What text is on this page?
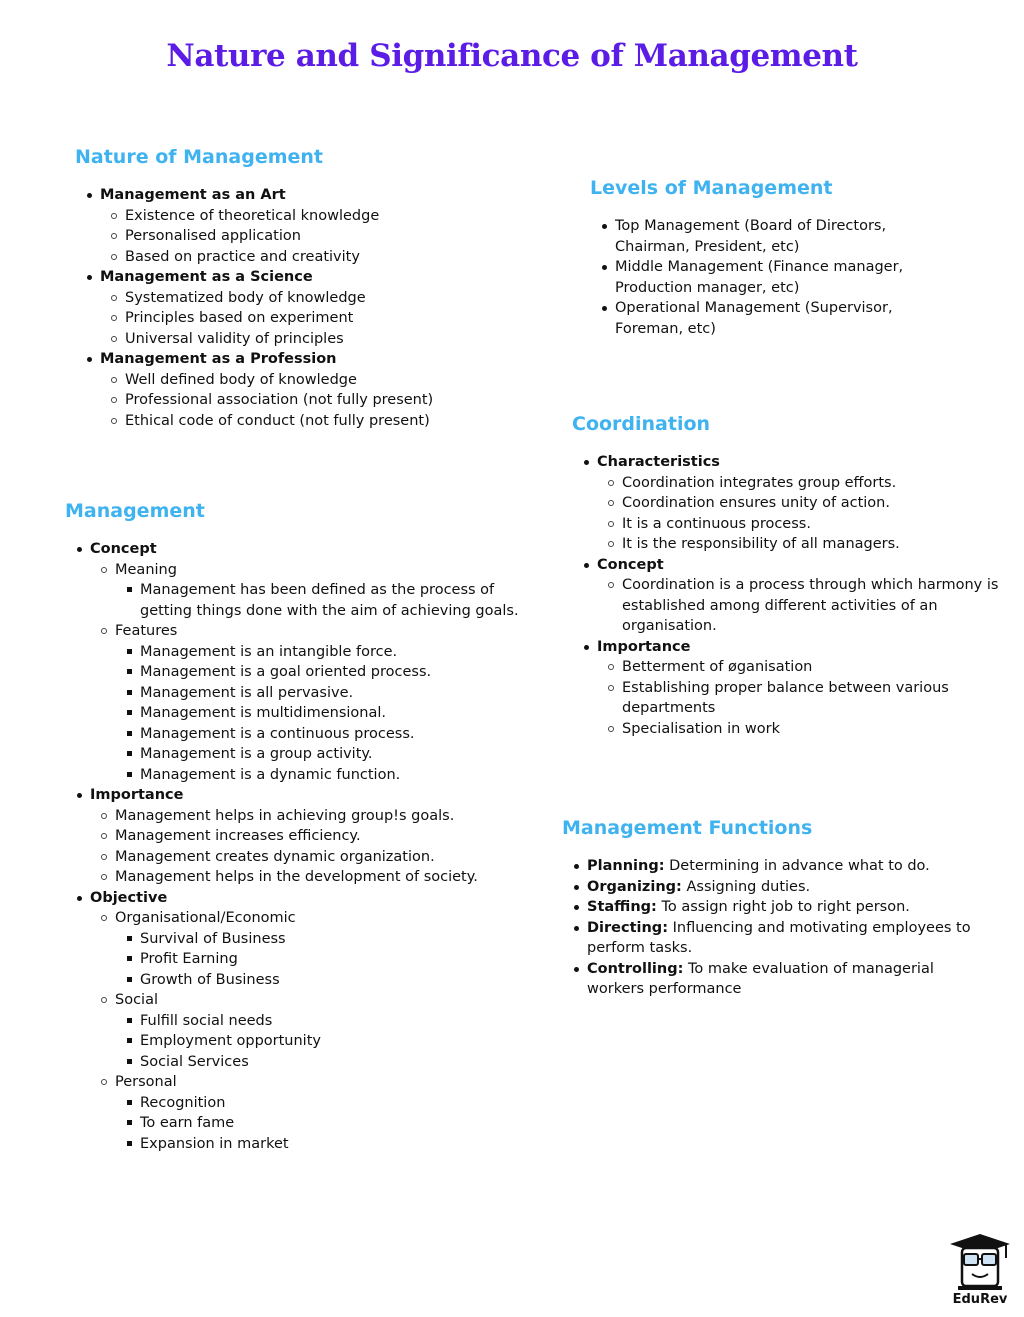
Nature and Significance of Management
Nature of Management
Management as an Art
Existence of theoretical knowledge
Personalised application
Based on practice and creativity
Management as a Science
Systematized body of knowledge
Principles based on experiment
Universal validity of principles
Management as a Profession
Well defined body of knowledge
Professional association (not fully present)
Ethical code of conduct (not fully present)
Management
Concept
Meaning
Management has been defined as the process of getting things done with the aim of achieving goals.
Features
Management is an intangible force.
Management is a goal oriented process.
Management is all pervasive.
Management is multidimensional.
Management is a continuous process.
Management is a group activity.
Management is a dynamic function.
Importance
Management helps in achieving group!s goals.
Management increases efficiency.
Management creates dynamic organization.
Management helps in the development of society.
Objective
Organisational/Economic
Survival of Business
Profit Earning
Growth of Business
Social
Fulfill social needs
Employment opportunity
Social Services
Personal
Recognition
To earn fame
Expansion in market
Levels of Management
Top Management (Board of Directors, Chairman, President, etc)
Middle Management (Finance manager, Production manager, etc)
Operational Management (Supervisor, Foreman, etc)
Coordination
Characteristics
Coordination integrates group efforts.
Coordination ensures unity of action.
It is a continuous process.
It is the responsibility of all managers.
Concept
Coordination is a process through which harmony is established among different activities of an organisation.
Importance
Betterment of øganisation
Establishing proper balance between various departments
Specialisation in work
Management Functions
Planning: Determining in advance what to do.
Organizing: Assigning duties.
Staffing: To assign right job to right person.
Directing: Influencing and motivating employees to perform tasks.
Controlling: To make evaluation of managerial workers performance
EduRev
